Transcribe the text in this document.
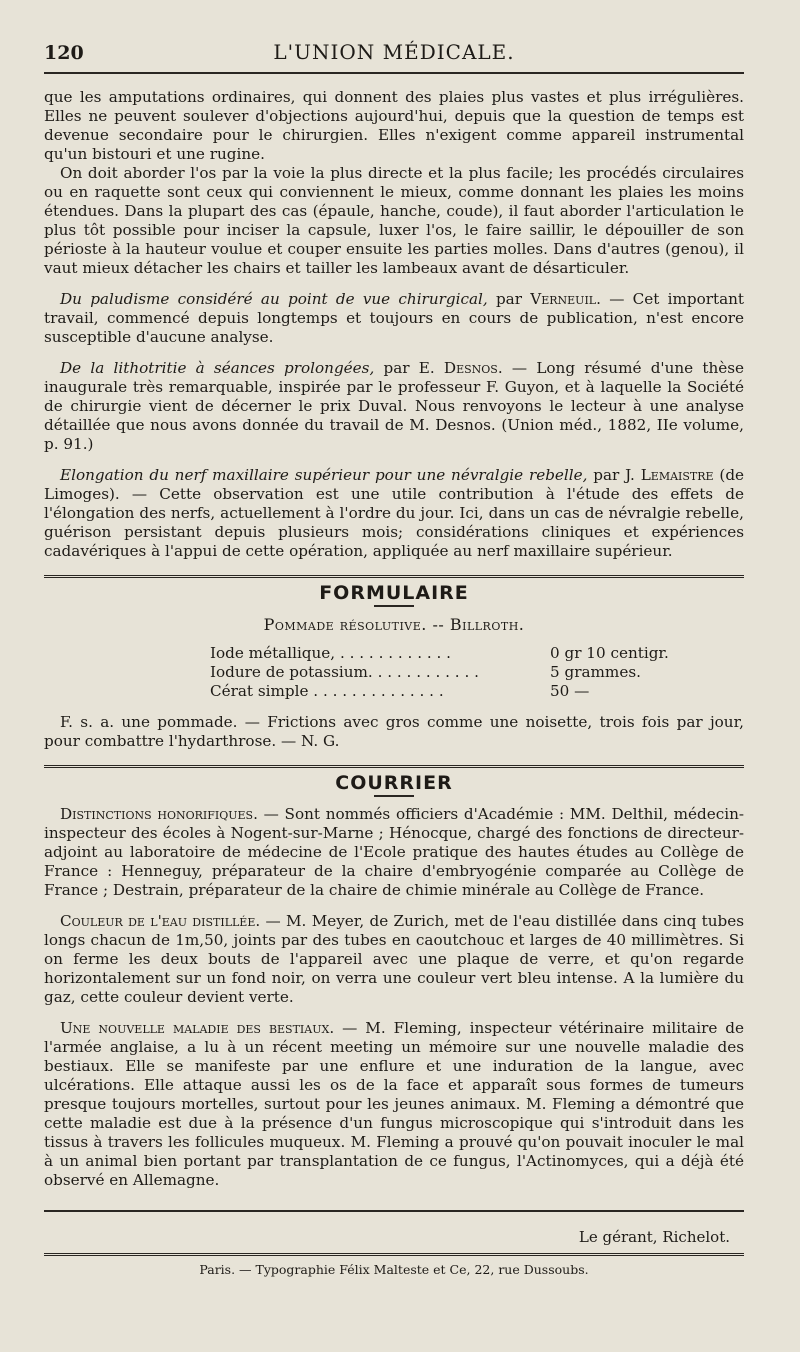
120	L'UNION MÉDICALE.

que les amputations ordinaires, qui donnent des plaies plus vastes et plus irrégulières. Elles ne peuvent soulever d'objections aujourd'hui, depuis que la question de temps est devenue secondaire pour le chirurgien. Elles n'exigent comme appareil instrumental qu'un bistouri et une rugine.

On doit aborder l'os par la voie la plus directe et la plus facile; les procédés circulaires ou en raquette sont ceux qui conviennent le mieux, comme donnant les plaies les moins étendues. Dans la plupart des cas (épaule, hanche, coude), il faut aborder l'articulation le plus tôt possible pour inciser la capsule, luxer l'os, le faire saillir, le dépouiller de son périoste à la hauteur voulue et couper ensuite les parties molles. Dans d'autres (genou), il vaut mieux détacher les chairs et tailler les lambeaux avant de désarticuler.

Du paludisme considéré au point de vue chirurgical, par Verneuil. — Cet important travail, commencé depuis longtemps et toujours en cours de publication, n'est encore susceptible d'aucune analyse.

De la lithotritie à séances prolongées, par E. Desnos. — Long résumé d'une thèse inaugurale très remarquable, inspirée par le professeur F. Guyon, et à laquelle la Société de chirurgie vient de décerner le prix Duval. Nous renvoyons le lecteur à une analyse détaillée que nous avons donnée du travail de M. Desnos. (Union méd., 1882, IIe volume, p. 91.)

Elongation du nerf maxillaire supérieur pour une névralgie rebelle, par J. Lemaistre (de Limoges). — Cette observation est une utile contribution à l'étude des effets de l'élongation des nerfs, actuellement à l'ordre du jour. Ici, dans un cas de névralgie rebelle, guérison persistant depuis plusieurs mois; considérations cliniques et expériences cadavériques à l'appui de cette opération, appliquée au nerf maxillaire supérieur.

FORMULAIRE
Pommade résolutive. -- Billroth.
Iode métallique, . . . . . . . . . . . .	0 gr 10 centigr.
Iodure de potassium. . . . . . . . . . . .	5 grammes.
Cérat simple . . . . . . . . . . . . . .	50 —

F. s. a. une pommade. — Frictions avec gros comme une noisette, trois fois par jour, pour combattre l'hydarthrose. — N. G.

COURRIER

Distinctions honorifiques. — Sont nommés officiers d'Académie : MM. Delthil, médecin-inspecteur des écoles à Nogent-sur-Marne ; Hénocque, chargé des fonctions de directeur-adjoint au laboratoire de médecine de l'Ecole pratique des hautes études au Collège de France : Henneguy, préparateur de la chaire d'embryogénie comparée au Collège de France ; Destrain, préparateur de la chaire de chimie minérale au Collège de France.

Couleur de l'eau distillée. — M. Meyer, de Zurich, met de l'eau distillée dans cinq tubes longs chacun de 1m,50, joints par des tubes en caoutchouc et larges de 40 millimètres. Si on ferme les deux bouts de l'appareil avec une plaque de verre, et qu'on regarde horizontalement sur un fond noir, on verra une couleur vert bleu intense. A la lumière du gaz, cette couleur devient verte.

Une nouvelle maladie des bestiaux. — M. Fleming, inspecteur vétérinaire militaire de l'armée anglaise, a lu à un récent meeting un mémoire sur une nouvelle maladie des bestiaux. Elle se manifeste par une enflure et une induration de la langue, avec ulcérations. Elle attaque aussi les os de la face et apparaît sous formes de tumeurs presque toujours mortelles, surtout pour les jeunes animaux. M. Fleming a démontré que cette maladie est due à la présence d'un fungus microscopique qui s'introduit dans les tissus à travers les follicules muqueux. M. Fleming a prouvé qu'on pouvait inoculer le mal à un animal bien portant par transplantation de ce fungus, l'Actinomyces, qui a déjà été observé en Allemagne.

Le gérant, Richelot.
Paris. — Typographie Félix Malteste et Ce, 22, rue Dussoubs.
